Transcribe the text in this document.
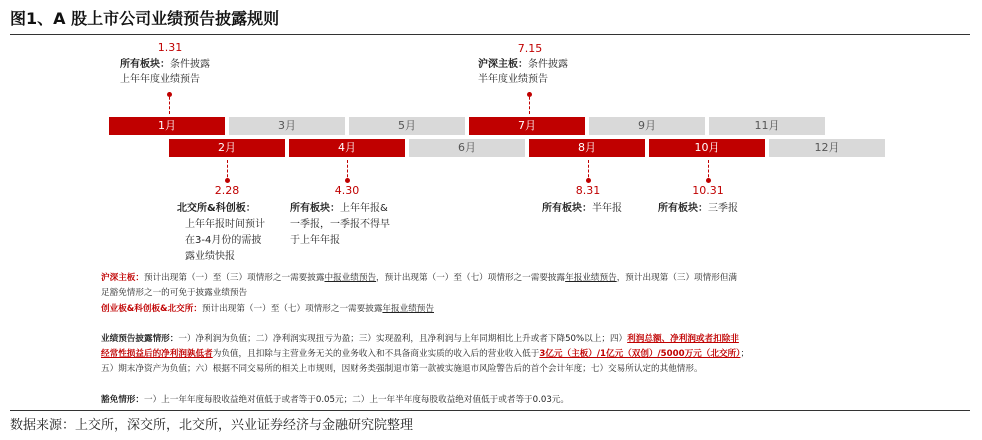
图1、A 股上市公司业绩预告披露规则
1月	3月	5月	7月	9月	11月
2月	4月	6月	8月	10月	12月
1.31
所有板块：条件披露
上年年度业绩预告
7.15
沪深主板：条件披露
半年度业绩预告
2.28
北交所&科创板：
上年年报时间预计
在3-4月份的需披
露业绩快报
4.30
所有板块：上年年报&
一季报，一季报不得早
于上年年报
8.31
所有板块：半年报
10.31
所有板块：三季报
沪深主板：预计出现第（一）至（三）项情形之一需要披露中报业绩预告，预计出现第（一）至（七）项情形之一需要披露年报业绩预告，预计出现第（三）项情形但满
足豁免情形之一的可免于披露业绩预告
创业板&科创板&北交所：预计出现第（一）至（七）项情形之一需要披露年报业绩预告
业绩预告披露情形：一）净利润为负值；二）净利润实现扭亏为盈；三）实现盈利，且净利润与上年同期相比上升或者下降50%以上；四）利润总额、净利润或者扣除非
经常性损益后的净利润孰低者为负值，且扣除与主营业务无关的业务收入和不具备商业实质的收入后的营业收入低于3亿元（主板）/1亿元（双创）/5000万元（北交所）；
五）期末净资产为负值；六）根据不同交易所的相关上市规则，因财务类强制退市第一款被实施退市风险警告后的首个会计年度；七）交易所认定的其他情形。
豁免情形：一）上一年年度每股收益绝对值低于或者等于0.05元；二）上一年半年度每股收益绝对值低于或者等于0.03元。
数据来源：上交所，深交所，北交所，兴业证券经济与金融研究院整理
